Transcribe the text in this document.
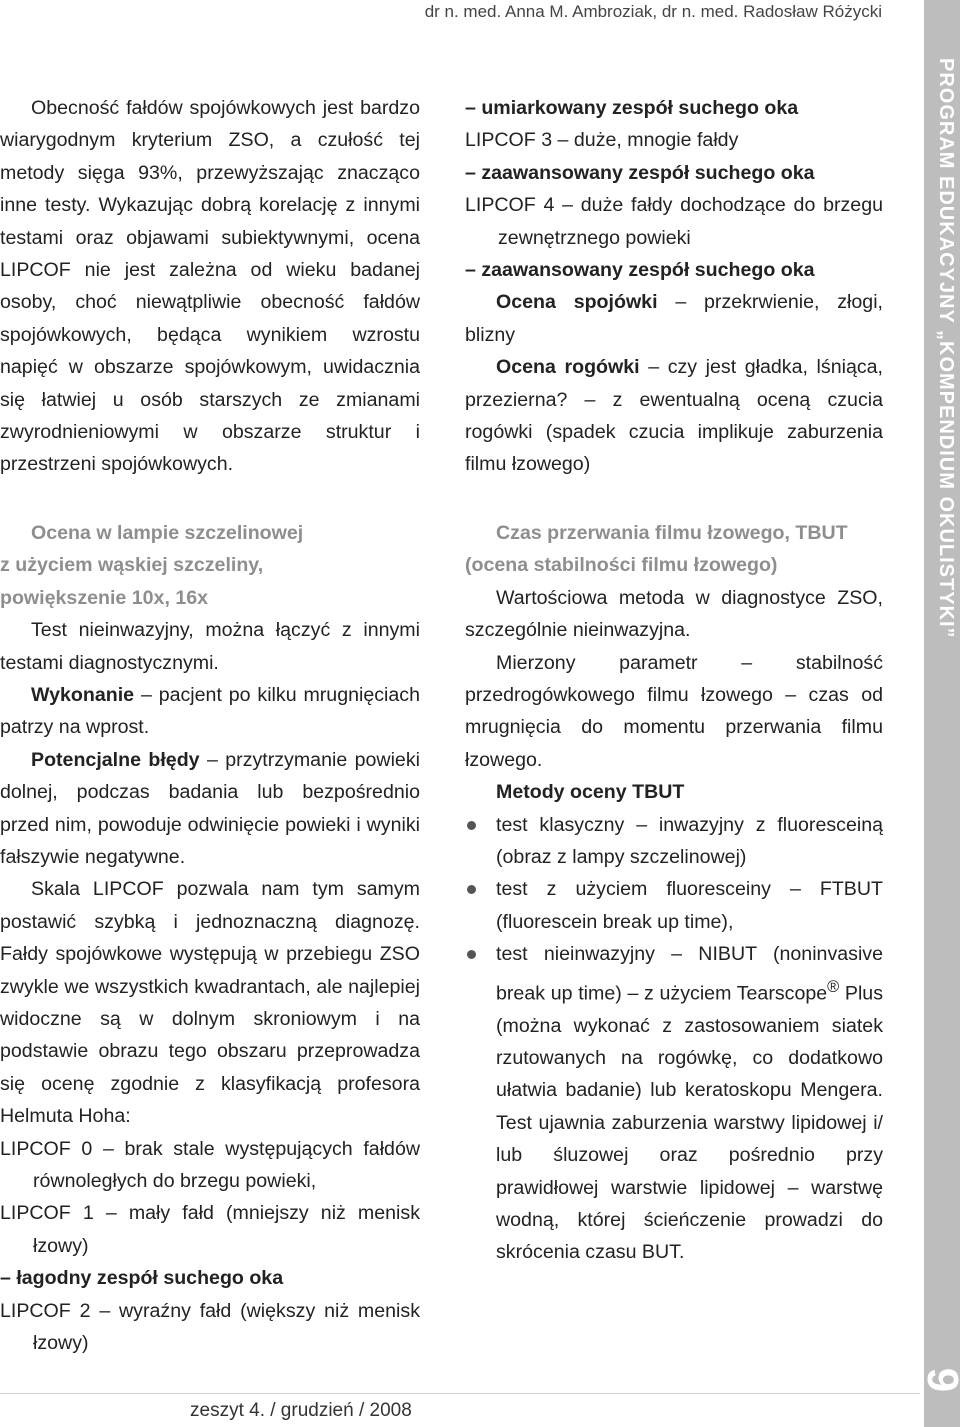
dr n. med. Anna M. Ambroziak, dr n. med. Radosław Różycki
PROGRAM EDUKACYJNY „KOMPENDIUM OKULISTYKI”
9

Obecność fałdów spojówkowych jest bardzo wiarygodnym kryterium ZSO, a czułość tej metody sięga 93%, przewyższając znacząco inne testy. Wykazując dobrą korelację z innymi testami oraz objawami subiektywnymi, ocena LIPCOF nie jest zależna od wieku badanej osoby, choć niewątpliwie obecność fałdów spojówkowych, będąca wynikiem wzrostu napięć w obszarze spojówkowym, uwidacznia się łatwiej u osób starszych ze zmianami zwyrodnieniowymi w obszarze struktur i przestrzeni spojówkowych.

Ocena w lampie szczelinowej
z użyciem wąskiej szczeliny,
powiększenie 10x, 16x

Test nieinwazyjny, można łączyć z innymi testami diagnostycznymi.

Wykonanie – pacjent po kilku mrugnięciach patrzy na wprost.

Potencjalne błędy – przytrzymanie powieki dolnej, podczas badania lub bezpośrednio przed nim, powoduje odwinięcie powieki i wyniki fałszywie negatywne.

Skala LIPCOF pozwala nam tym samym postawić szybką i jednoznaczną diagnozę. Fałdy spojówkowe występują w przebiegu ZSO zwykle we wszystkich kwadrantach, ale najlepiej widoczne są w dolnym skroniowym i na podstawie obrazu tego obszaru przeprowadza się ocenę zgodnie z klasyfikacją profesora Helmuta Hoha:

LIPCOF 0 – brak stale występujących fałdów równoległych do brzegu powieki,

LIPCOF 1 – mały fałd (mniejszy niż menisk łzowy)

– łagodny zespół suchego oka

LIPCOF 2 – wyraźny fałd (większy niż menisk łzowy)

– umiarkowany zespół suchego oka

LIPCOF 3 – duże, mnogie fałdy

– zaawansowany zespół suchego oka

LIPCOF 4 – duże fałdy dochodzące do brzegu zewnętrznego powieki

– zaawansowany zespół suchego oka

Ocena spojówki – przekrwienie, złogi, blizny

Ocena rogówki – czy jest gładka, lśniąca, przezierna? – z ewentualną oceną czucia rogówki (spadek czucia implikuje zaburzenia filmu łzowego)

Czas przerwania filmu łzowego, TBUT
(ocena stabilności filmu łzowego)

Wartościowa metoda w diagnostyce ZSO, szczególnie nieinwazyjna.

Mierzony parametr – stabilność przedrogówkowego filmu łzowego – czas od mrugnięcia do momentu przerwania filmu łzowego.

Metody oceny TBUT

test klasyczny – inwazyjny z fluoresceiną (obraz z lampy szczelinowej)
test z użyciem fluoresceiny – FTBUT (fluorescein break up time),
test nieinwazyjny – NIBUT (noninvasive break up time) – z użyciem Tearscope® Plus (można wykonać z zastosowaniem siatek rzutowanych na rogówkę, co dodatkowo ułatwia badanie) lub keratoskopu Mengera. Test ujawnia zaburzenia warstwy lipidowej i/ lub śluzowej oraz pośrednio przy prawidłowej warstwie lipidowej – warstwę wodną, której ścieńczenie prowadzi do skrócenia czasu BUT.
zeszyt 4. / grudzień / 2008
